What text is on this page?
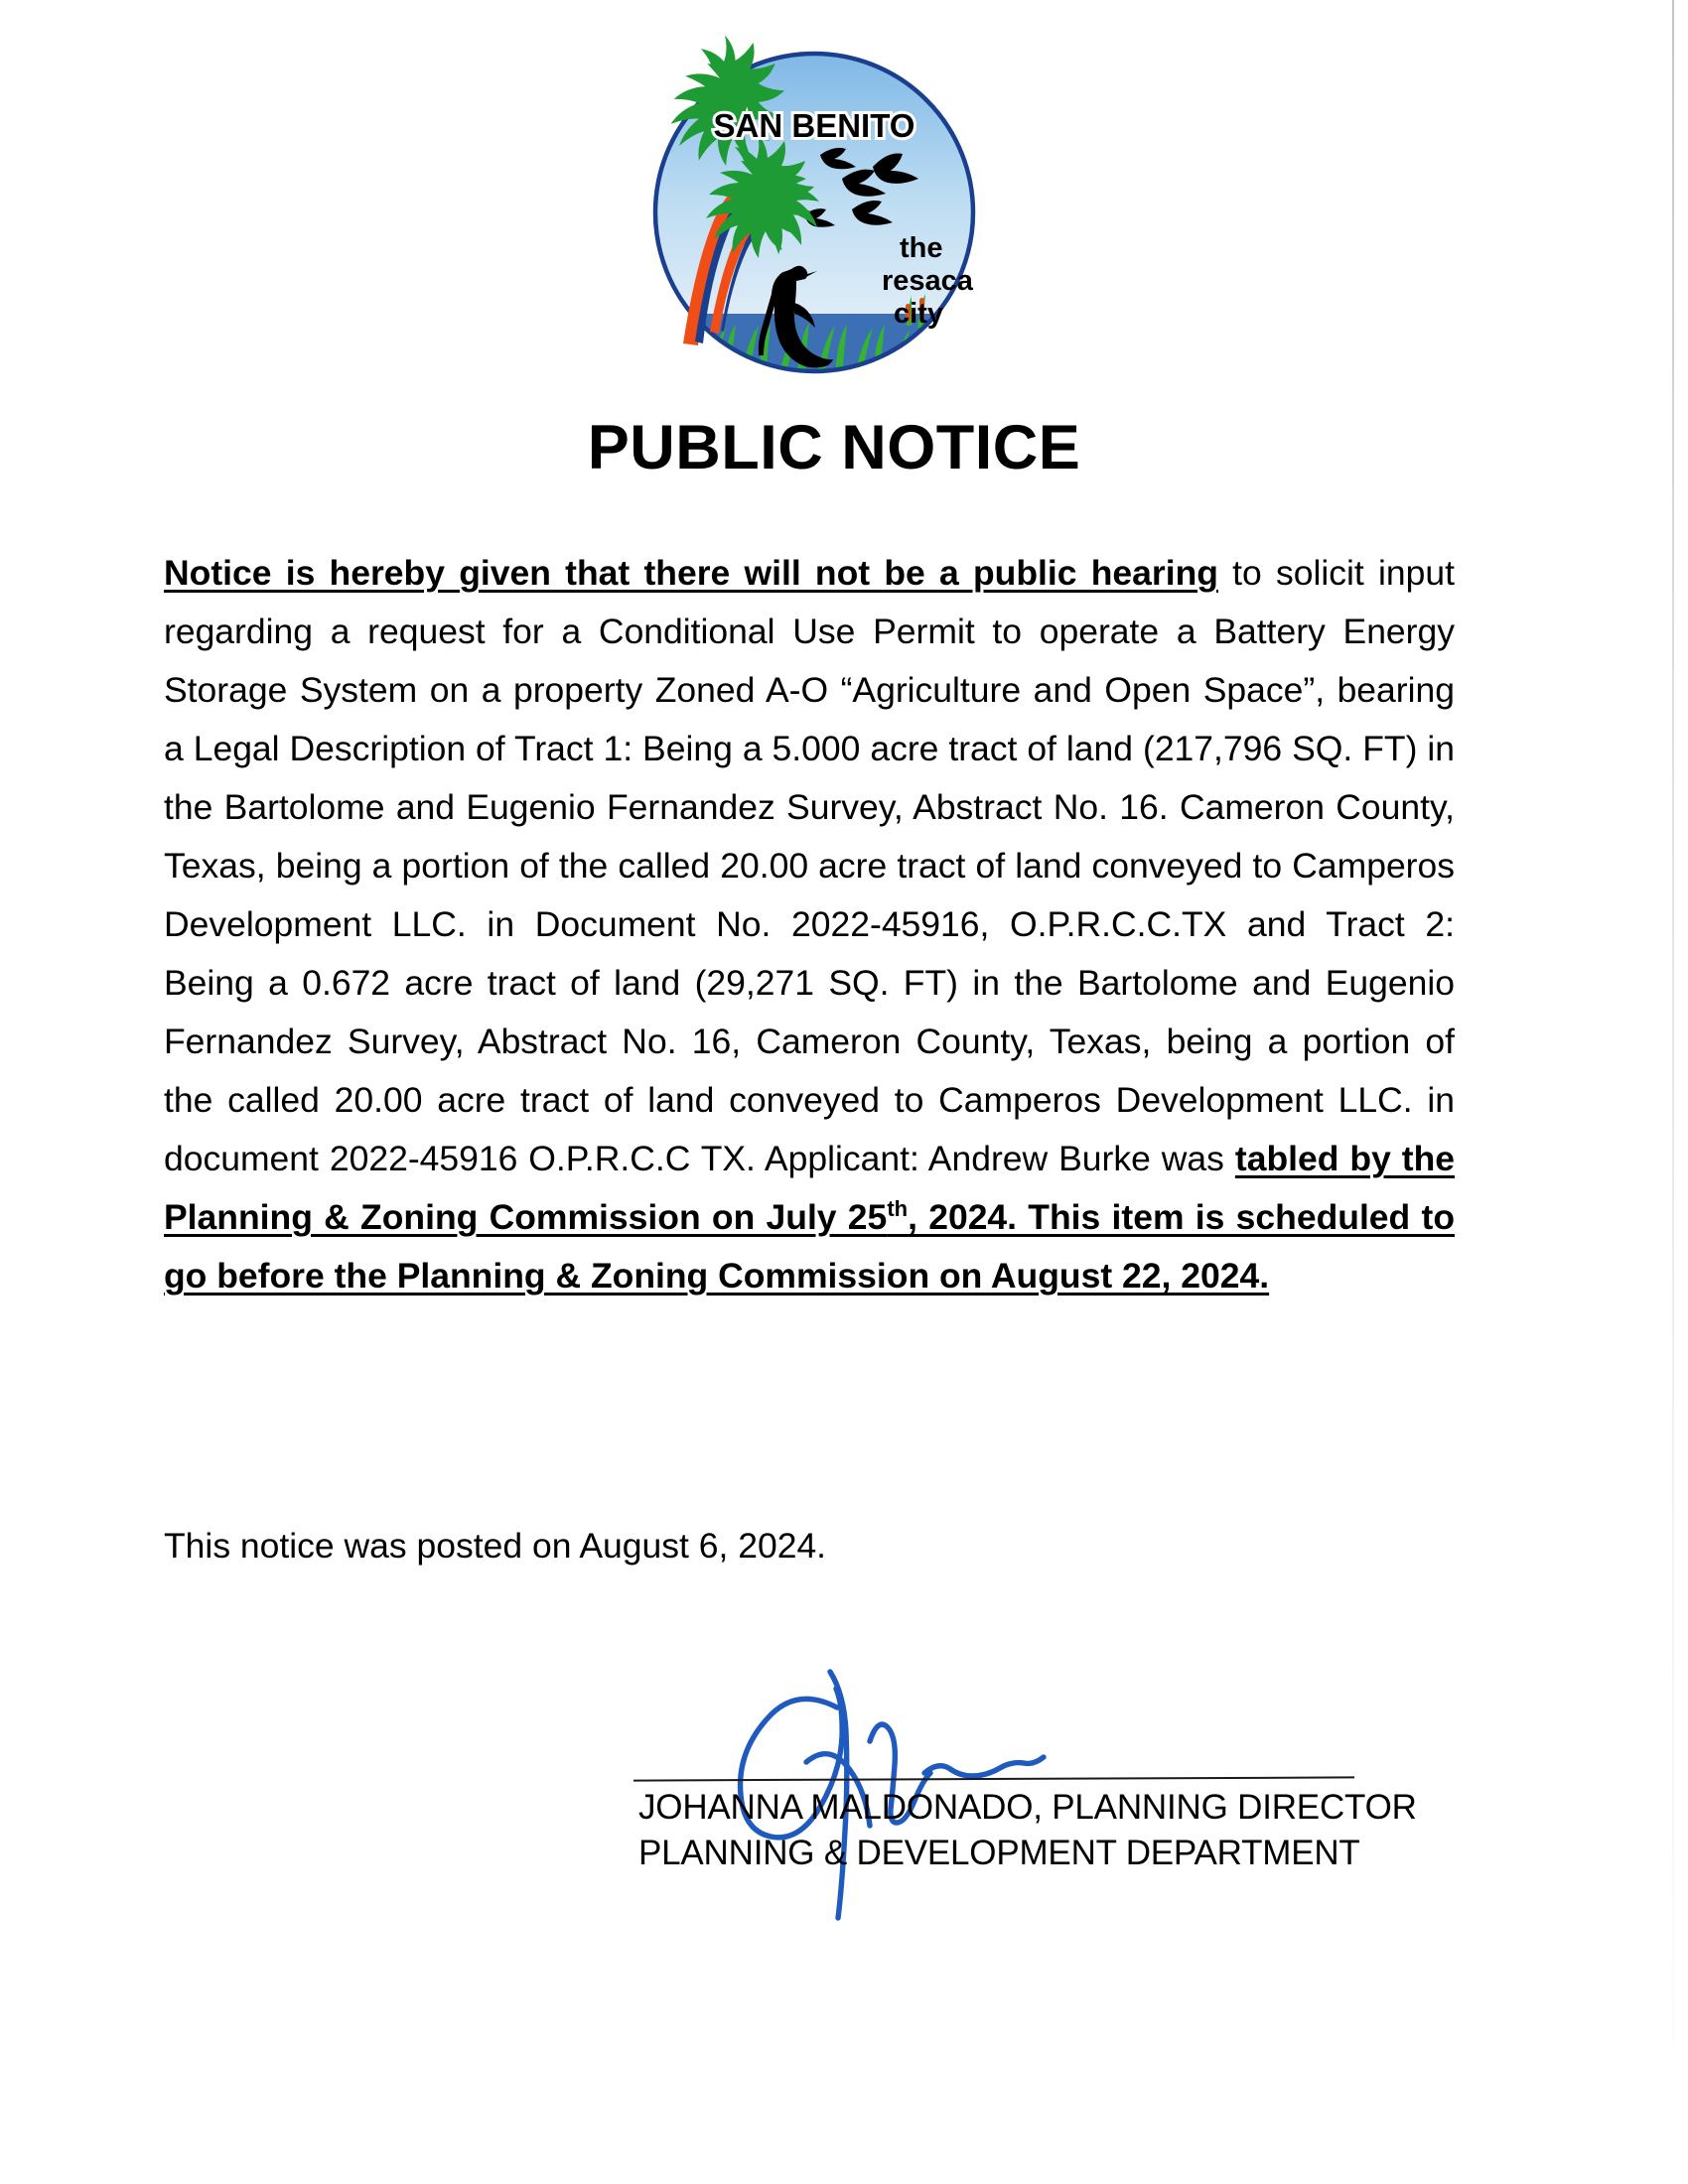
SAN BENITO
the
resaca
city
PUBLIC NOTICE

Notice is hereby given that there will not be a public hearing to solicit input regarding a request for a Conditional Use Permit to operate a Battery Energy Storage System on a property Zoned A-O “Agriculture and Open Space”, bearing a Legal Description of Tract 1: Being a 5.000 acre tract of land (217,796 SQ. FT) in the Bartolome and Eugenio Fernandez Survey, Abstract No. 16. Cameron County, Texas, being a portion of the called 20.00 acre tract of land conveyed to Camperos Development LLC. in Document No. 2022-45916, O.P.R.C.C.TX and Tract 2: Being a 0.672 acre tract of land (29,271 SQ. FT) in the Bartolome and Eugenio Fernandez Survey, Abstract No. 16, Cameron County, Texas, being a portion of the called 20.00 acre tract of land conveyed to Camperos Development LLC. in document 2022-45916 O.P.R.C.C TX. Applicant: Andrew Burke was tabled by the Planning & Zoning Commission on July 25th, 2024. This item is scheduled to go before the Planning & Zoning Commission on August 22, 2024.

This notice was posted on August 6, 2024.
JOHANNA MALDONADO, PLANNING DIRECTOR
PLANNING & DEVELOPMENT DEPARTMENT
